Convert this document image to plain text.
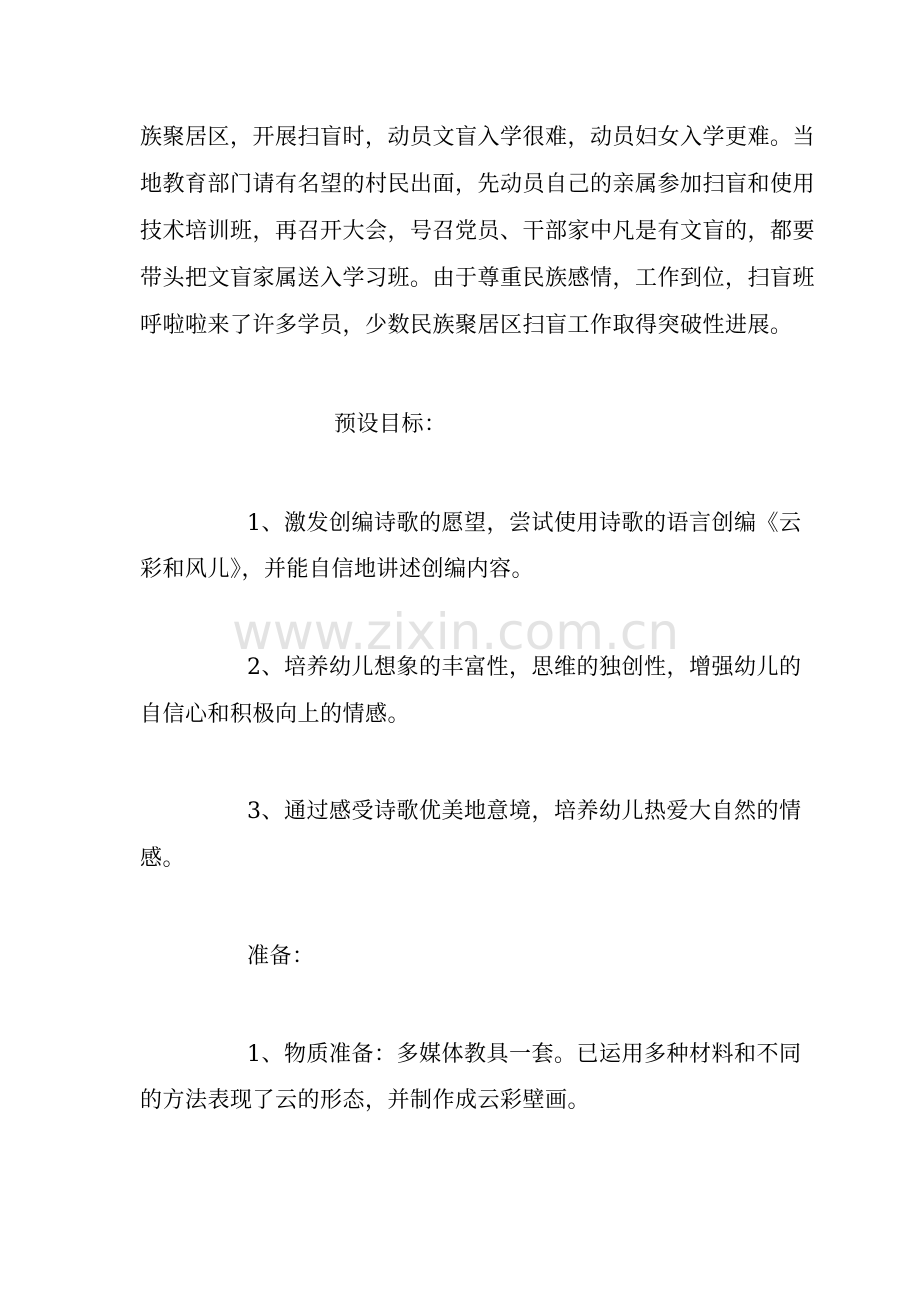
www.zixin.com.cn
族聚居区，开展扫盲时，动员文盲入学很难，动员妇女入学更难。当
地教育部门请有名望的村民出面，先动员自己的亲属参加扫盲和使用
技术培训班，再召开大会，号召党员、干部家中凡是有文盲的，都要
带头把文盲家属送入学习班。由于尊重民族感情，工作到位，扫盲班
呼啦啦来了许多学员，少数民族聚居区扫盲工作取得突破性进展。
预设目标：
1、激发创编诗歌的愿望，尝试使用诗歌的语言创编《云
彩和风儿》，并能自信地讲述创编内容。
2、培养幼儿想象的丰富性，思维的独创性，增强幼儿的
自信心和积极向上的情感。
3、通过感受诗歌优美地意境，培养幼儿热爱大自然的情
感。
准备：
1、物质准备：多媒体教具一套。已运用多种材料和不同
的方法表现了云的形态，并制作成云彩壁画。
